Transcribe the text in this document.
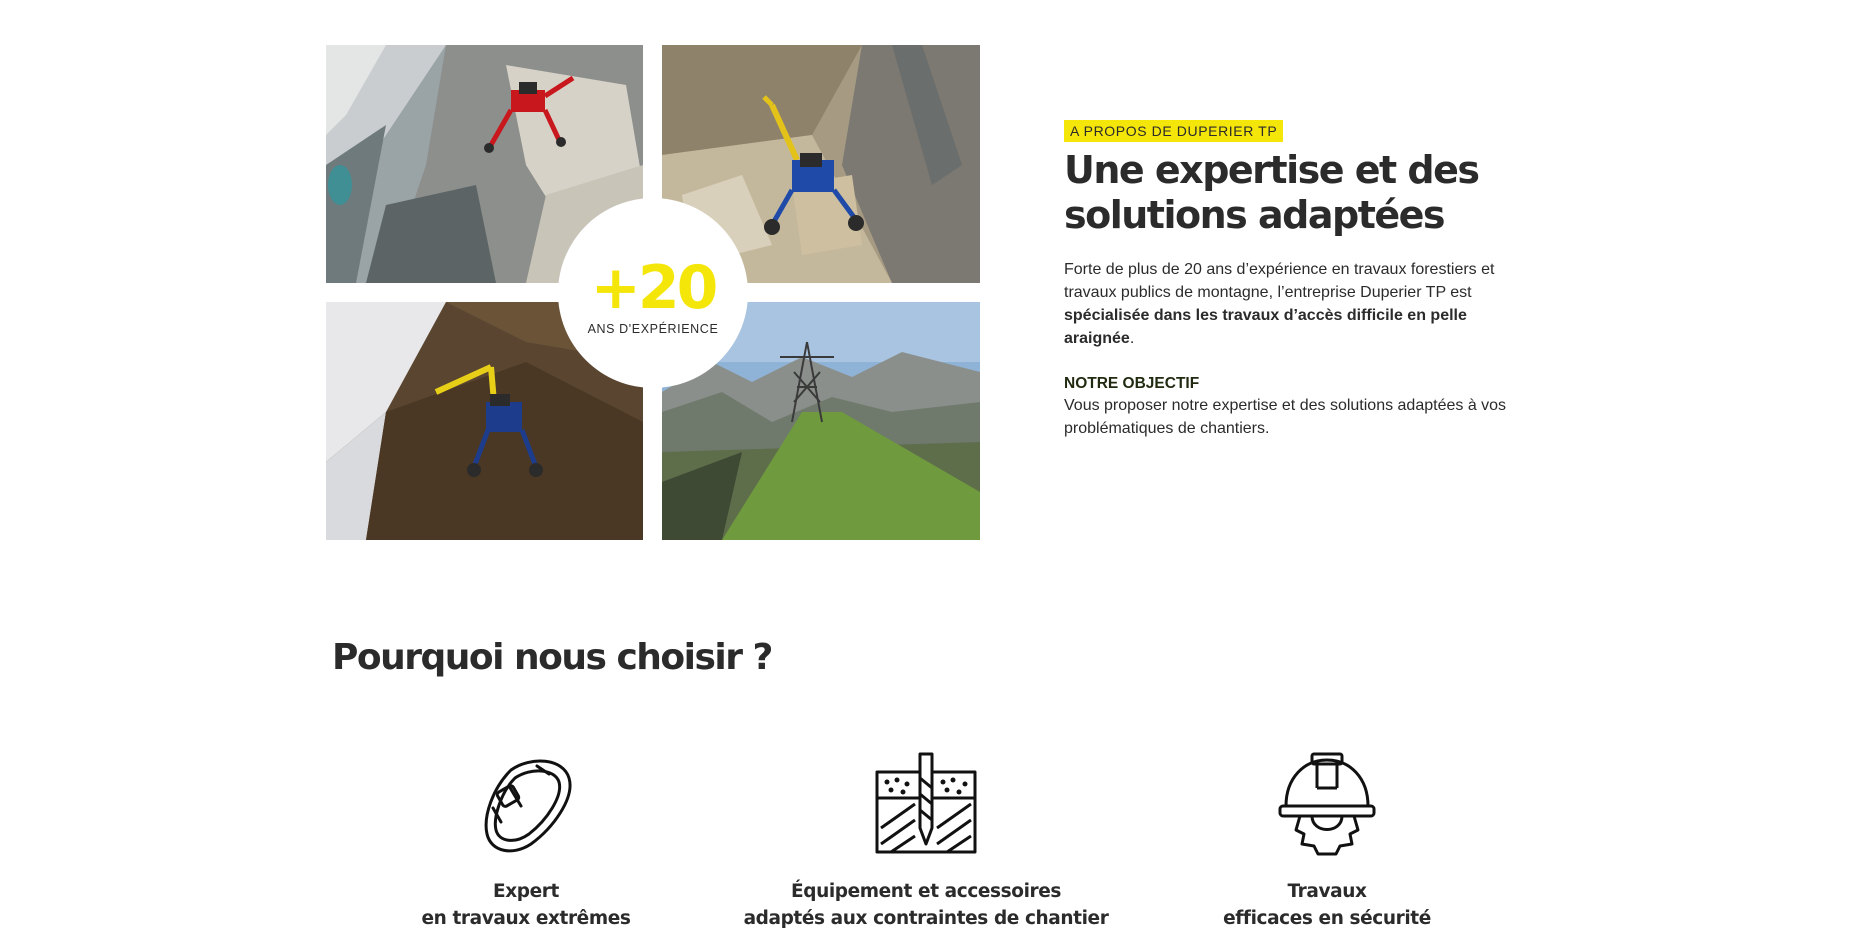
+20
ANS D'EXPÉRIENCE
A PROPOS DE DUPERIER TP
Une expertise et des
solutions adaptées

Forte de plus de 20 ans d’expérience en travaux forestiers et travaux publics de montagne, l’entreprise Duperier TP est spécialisée dans les travaux d’accès difficile en pelle araignée.

NOTRE OBJECTIF

Vous proposer notre expertise et des solutions adaptées à vos problématiques de chantiers.

Pourquoi nous choisir ?
Expert
en travaux extrêmes
Équipement et accessoires
adaptés aux contraintes de chantier
Travaux
efficaces en sécurité
